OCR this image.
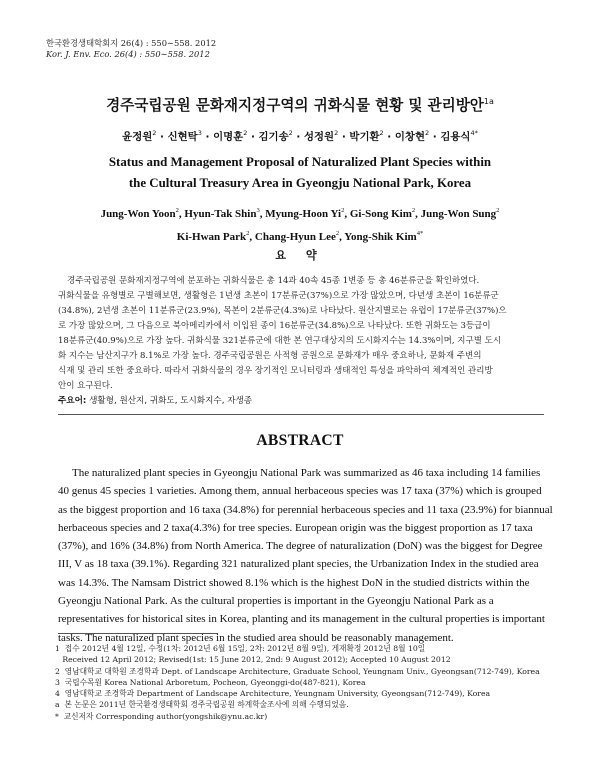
한국환경생태학회지 26(4) : 550∼558. 2012
Kor. J. Env. Eco. 26(4) : 550∼558. 2012
경주국립공원 문화재지정구역의 귀화식물 현황 및 관리방안$^{1a}$
윤정원$^2$ · 신현탁$^3$ · 이명훈$^2$ · 김기송$^2$ · 성정원$^2$ · 박기환$^2$ · 이창현$^2$ · 김용식$^{4*}$
Status and Management Proposal of Naturalized Plant Species within
the Cultural Treasury Area in Gyeongju National Park, Korea
Jung-Won Yoon$^2$, Hyun-Tak Shin$^3$, Myung-Hoon Yi$^2$, Gi-Song Kim$^2$, Jung-Won Sung$^2$
Ki-Hwan Park$^2$, Chang-Hyun Lee$^2$, Yong-Shik Kim$^{4*}$
요 약
경주국립공원 문화재지정구역에 분포하는 귀화식물은 총 14과 40속 45종 1변종 등 총 46분류군을 확인하였다.
귀화식물을 유형별로 구별해보면, 생활형은 1년생 초본이 17분류군(37%)으로 가장 많았으며, 다년생 초본이 16분류군
(34.8%), 2년생 초본이 11분류군(23.9%), 목본이 2분류군(4.3%)로 나타났다. 원산지별로는 유럽이 17분류군(37%)으
로 가장 많았으며, 그 다음으로 북아메리카에서 이입된 종이 16분류군(34.8%)으로 나타났다. 또한 귀화도는 3등급이
18분류군(40.9%)으로 가장 높다. 귀화식물 321분류군에 대한 본 연구대상지의 도시화지수는 14.3%이며, 지구별 도시
화 지수는 남산지구가 8.1%로 가장 높다. 경주국립공원은 사적형 공원으로 문화재가 매우 중요하나, 문화재 주변의
식재 및 관리 또한 중요하다. 따라서 귀화식물의 경우 장기적인 모니터링과 생태적인 특성을 파악하여 체계적인 관리방
안이 요구된다.
주요어: 생활형, 원산지, 귀화도, 도시화지수, 자생종
ABSTRACT
The naturalized plant species in Gyeongju National Park was summarized as 46 taxa including 14 families
40 genus 45 species 1 varieties. Among them, annual herbaceous species was 17 taxa (37%) which is grouped
as the biggest proportion and 16 taxa (34.8%) for perennial herbaceous species and 11 taxa (23.9%) for biannual
herbaceous species and 2 taxa(4.3%) for tree species. European origin was the biggest proportion as 17 taxa
(37%), and 16% (34.8%) from North America. The degree of naturalization (DoN) was the biggest for Degree
III, V as 18 taxa (39.1%). Regarding 321 naturalized plant species, the Urbanization Index in the studied area
was 14.3%. The Namsam District showed 8.1% which is the highest DoN in the studied districts within the
Gyeongju National Park. As the cultural properties is important in the Gyeongju National Park as a
representatives for historical sites in Korea, planting and its management in the cultural properties is important
tasks. The naturalized plant species in the studied area should be reasonably management.
1  접수 2012년 4월 12일, 수정(1차: 2012년 6월 15일, 2차: 2012년 8월 9일), 게재확정 2012년 8월 10일
Received 12 April 2012; Revised(1st: 15 June 2012, 2nd: 9 August 2012); Accepted 10 August 2012
2  영남대학교 대학원 조경학과 Dept. of Landscape Architecture, Graduate School, Yeungnam Univ., Gyeongsan(712-749), Korea
3  국립수목원 Korea National Arboretum, Pocheon, Gyeonggi-do(487-821), Korea
4  영남대학교 조경학과 Department of Landscape Architecture, Yeungnam University, Gyeongsan(712-749), Korea
a  본 논문은 2011년 한국환경생태학회 경주국립공원 하계학술조사에 의해 수행되었음.
*  교신저자 Corresponding author(yongshik@ynu.ac.kr)
